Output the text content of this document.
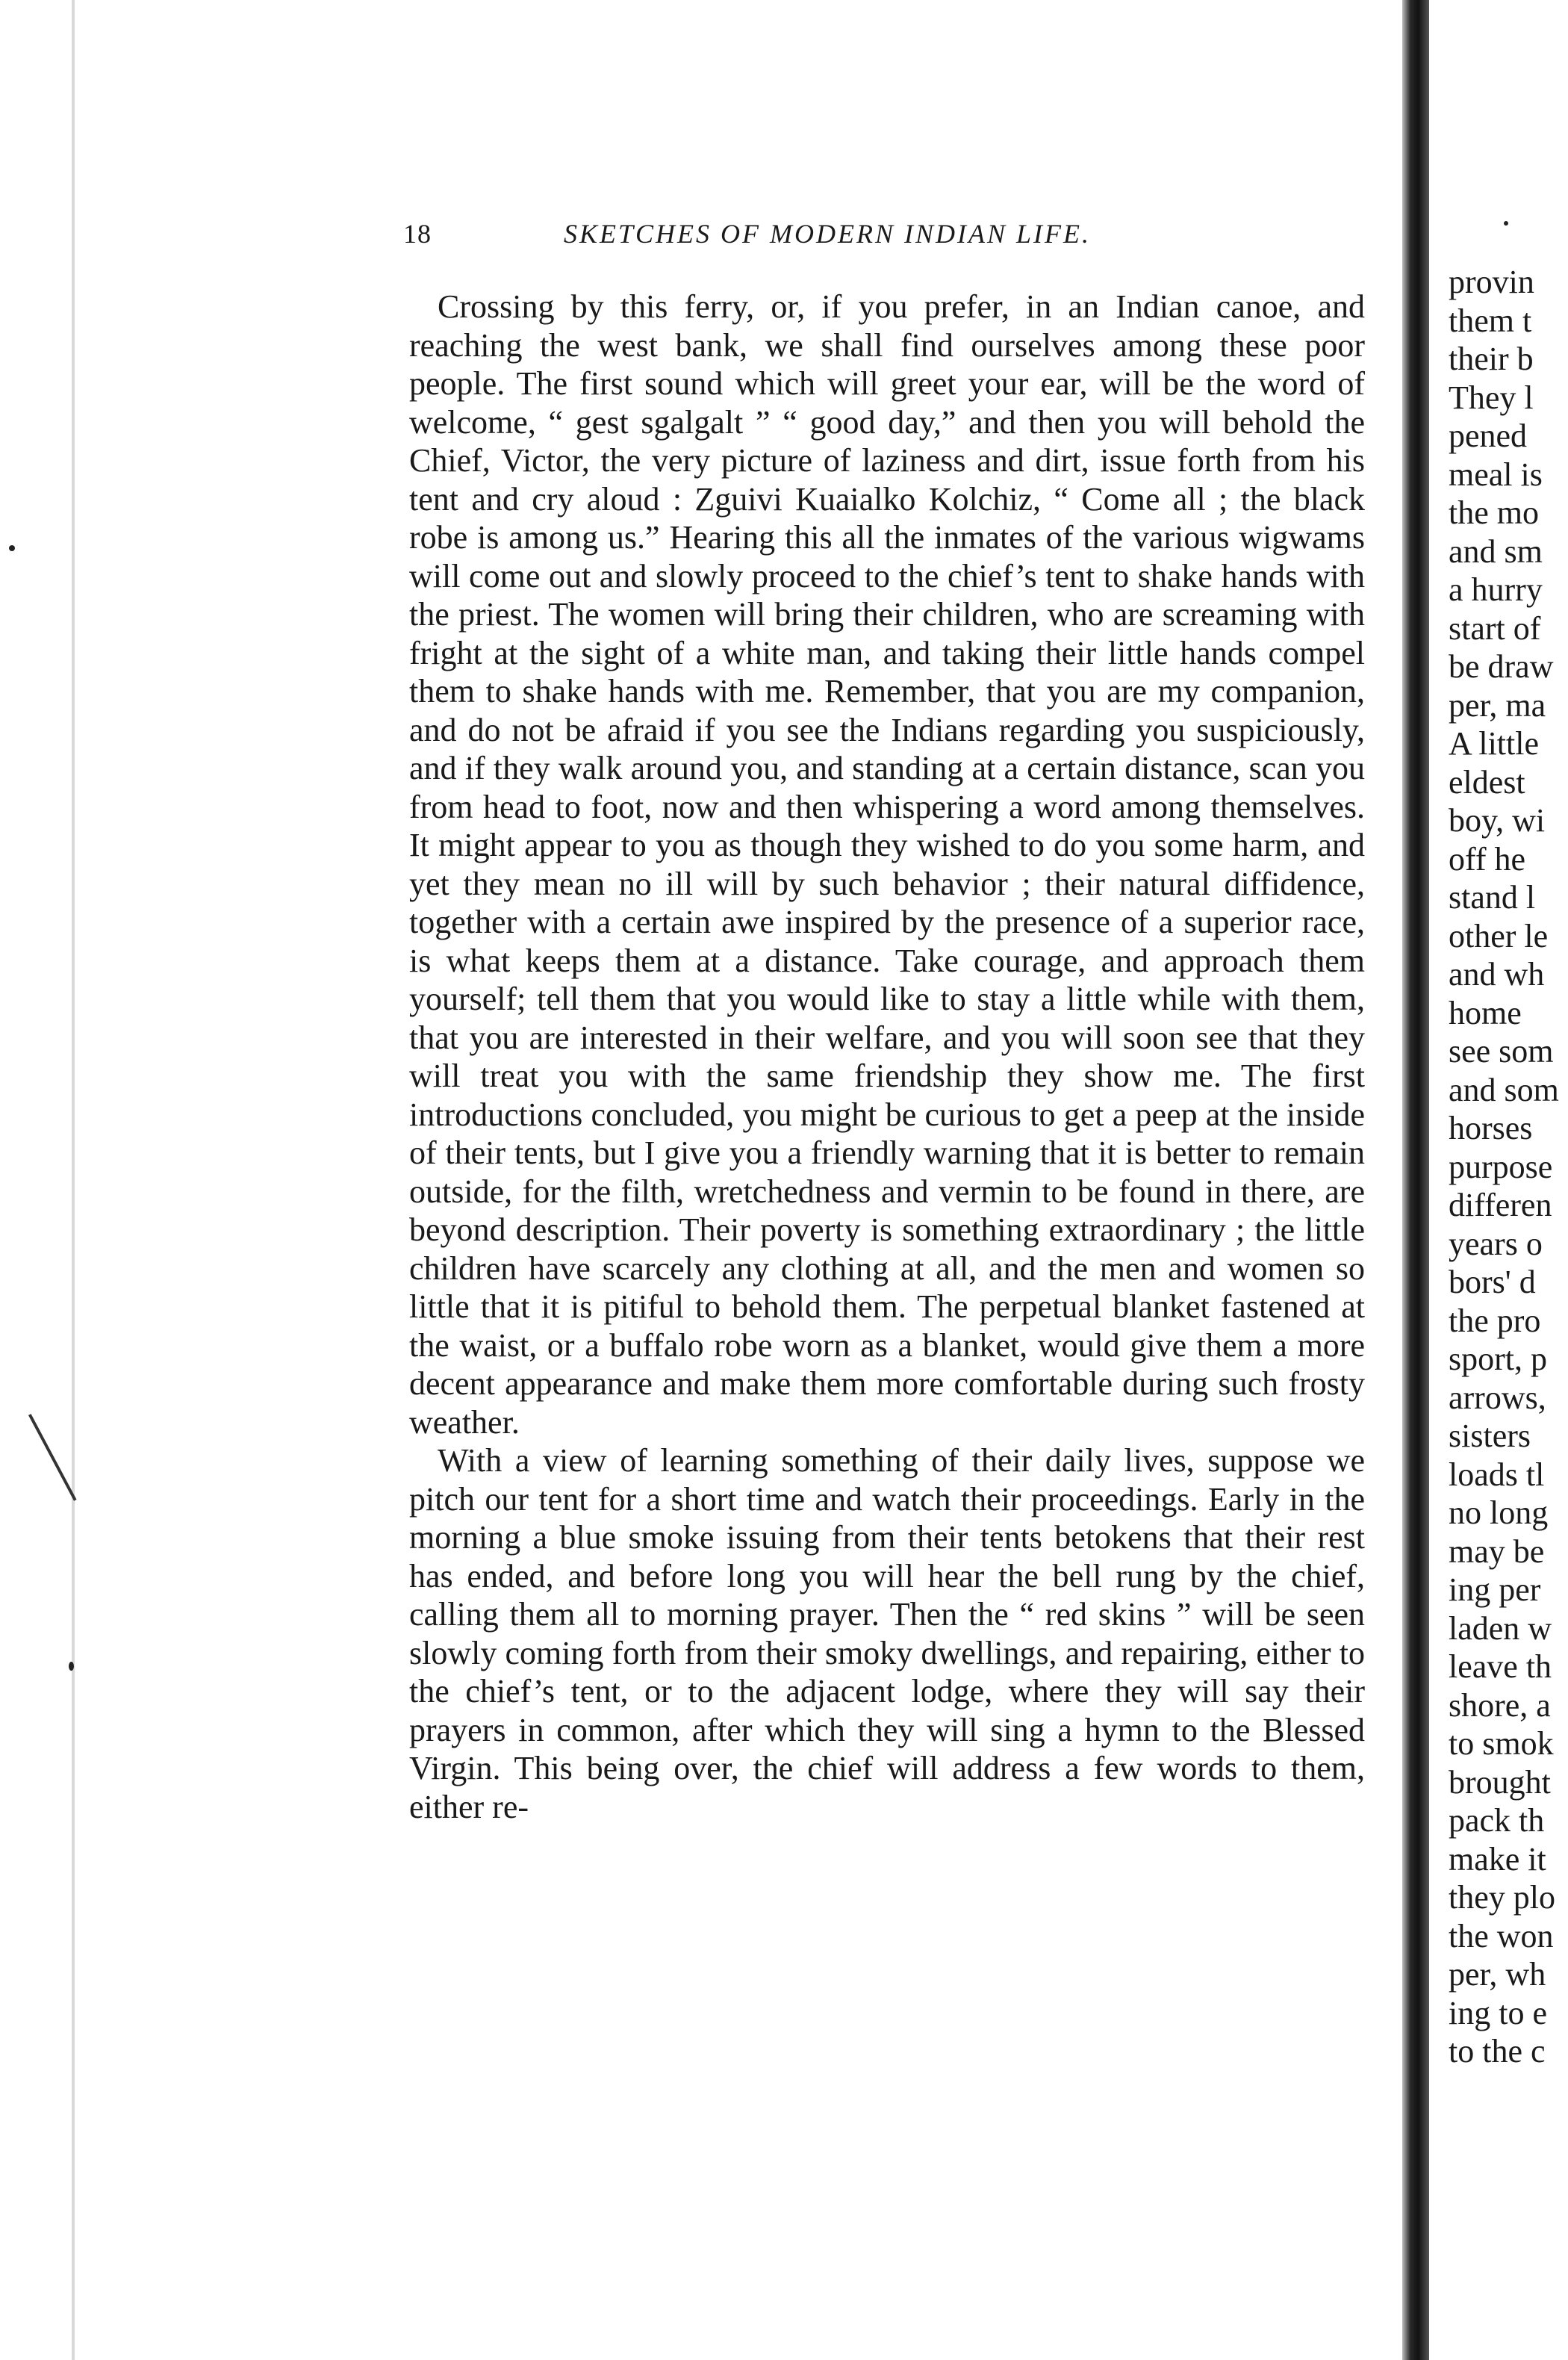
18	SKETCHES OF MODERN INDIAN LIFE.

Crossing by this ferry, or, if you prefer, in an Indian canoe, and reaching the west bank, we shall find ourselves among these poor people. The first sound which will greet your ear, will be the word of welcome, “ gest sgalgalt ” “ good day,” and then you will behold the Chief, Victor, the very picture of laziness and dirt, issue forth from his tent and cry aloud : Zguivi Kuaialko Kolchiz, “ Come all ; the black robe is among us.” Hearing this all the inmates of the various wigwams will come out and slowly proceed to the chief’s tent to shake hands with the priest. The women will bring their children, who are screaming with fright at the sight of a white man, and taking their little hands compel them to shake hands with me. Remember, that you are my companion, and do not be afraid if you see the Indians regarding you suspiciously, and if they walk around you, and standing at a certain distance, scan you from head to foot, now and then whispering a word among themselves. It might appear to you as though they wished to do you some harm, and yet they mean no ill will by such behavior ; their natural diffidence, together with a certain awe inspired by the presence of a superior race, is what keeps them at a distance. Take courage, and approach them yourself; tell them that you would like to stay a little while with them, that you are interested in their welfare, and you will soon see that they will treat you with the same friendship they show me. The first introductions concluded, you might be curious to get a peep at the inside of their tents, but I give you a friendly warning that it is better to remain outside, for the filth, wretchedness and vermin to be found in there, are beyond description. Their poverty is something extraordinary ; the little children have scarcely any clothing at all, and the men and women so little that it is pitiful to behold them. The perpetual blanket fastened at the waist, or a buffalo robe worn as a blanket, would give them a more decent appearance and make them more comfortable during such frosty weather.

With a view of learning something of their daily lives, suppose we pitch our tent for a short time and watch their proceedings. Early in the morning a blue smoke issuing from their tents betokens that their rest has ended, and before long you will hear the bell rung by the chief, calling them all to morning prayer. Then the “ red skins ” will be seen slowly coming forth from their smoky dwellings, and repairing, either to the chief’s tent, or to the adjacent lodge, where they will say their prayers in common, after which they will sing a hymn to the Blessed Virgin. This being over, the chief will address a few words to them, either re-

provin
them t
their b
They l
pened
meal is
the mo
and sm
a hurry
start of
be draw
per, ma
A little
eldest
boy, wi
off he
stand l
other le
and wh
home
see som
and som
horses
purpose
differen
years o
bors' d
the pro
sport, p
arrows,
sisters
loads tl
no long
may be
ing per
laden w
leave th
shore, a
to smok
brought
pack th
make it
they plo
the won
per, wh
ing to e
to the c
